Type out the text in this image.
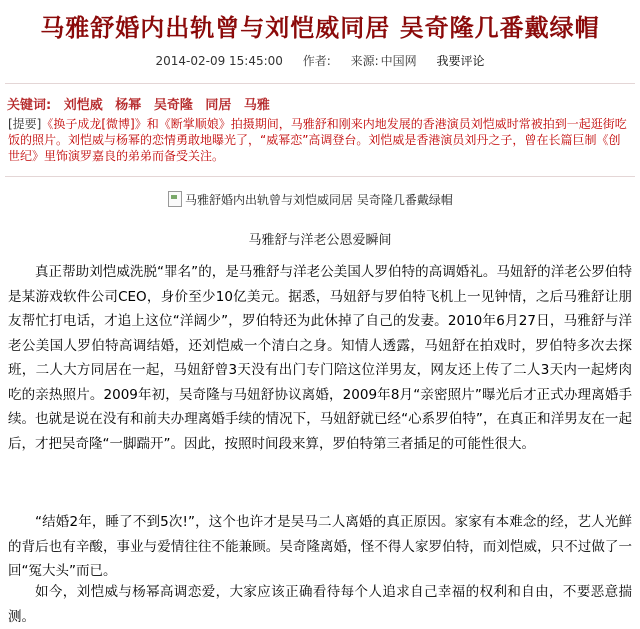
马雅舒婚内出轨曾与刘恺威同居 吴奇隆几番戴绿帽
2014-02-09 15:45:00 作者: 来源: 中国网 我要评论
关键词: 刘恺威 杨幂 吴奇隆 同居 马雅
[提要]《换子成龙[微博]》和《断掌顺娘》拍摄期间，马雅舒和刚来内地发展的香港演员刘恺威时常被拍到一起逛街吃饭的照片。刘恺威与杨幂的恋情勇敢地曝光了，“威幂恋”高调登台。刘恺威是香港演员刘丹之子，曾在长篇巨制《创世纪》里饰演罗嘉良的弟弟而备受关注。
马雅舒婚内出轨曾与刘恺威同居 吴奇隆几番戴绿帽
马雅舒与洋老公恩爱瞬间
真正帮助刘恺威洗脱“罪名”的，是马雅舒与洋老公美国人罗伯特的高调婚礼。马妞舒的洋老公罗伯特是某游戏软件公司CEO，身价至少10亿美元。据悉，马妞舒与罗伯特飞机上一见钟情，之后马雅舒让朋友帮忙打电话，才追上这位“洋阔少”，罗伯特还为此休掉了自己的发妻。2010年6月27日，马雅舒与洋老公美国人罗伯特高调结婚，还刘恺威一个清白之身。知情人透露，马妞舒在拍戏时，罗伯特多次去探班，二人大方同居在一起，马妞舒曾3天没有出门专门陪这位洋男友，网友还上传了二人3天内一起烤肉吃的亲热照片。2009年初，吴奇隆与马妞舒协议离婚，2009年8月“亲密照片”曝光后才正式办理离婚手续。也就是说在没有和前夫办理离婚手续的情况下，马妞舒就已经“心系罗伯特”，在真正和洋男友在一起后，才把吴奇隆“一脚踹开”。因此，按照时间段来算，罗伯特第三者插足的可能性很大。
“结婚2年，睡了不到5次!”，这个也许才是吴马二人离婚的真正原因。家家有本难念的经，艺人光鲜的背后也有辛酸，事业与爱情往往不能兼顾。吴奇隆离婚，怪不得人家罗伯特，而刘恺威，只不过做了一回“冤大头”而已。
如今，刘恺威与杨幂高调恋爱，大家应该正确看待每个人追求自己幸福的权利和自由，不要恶意揣测。
